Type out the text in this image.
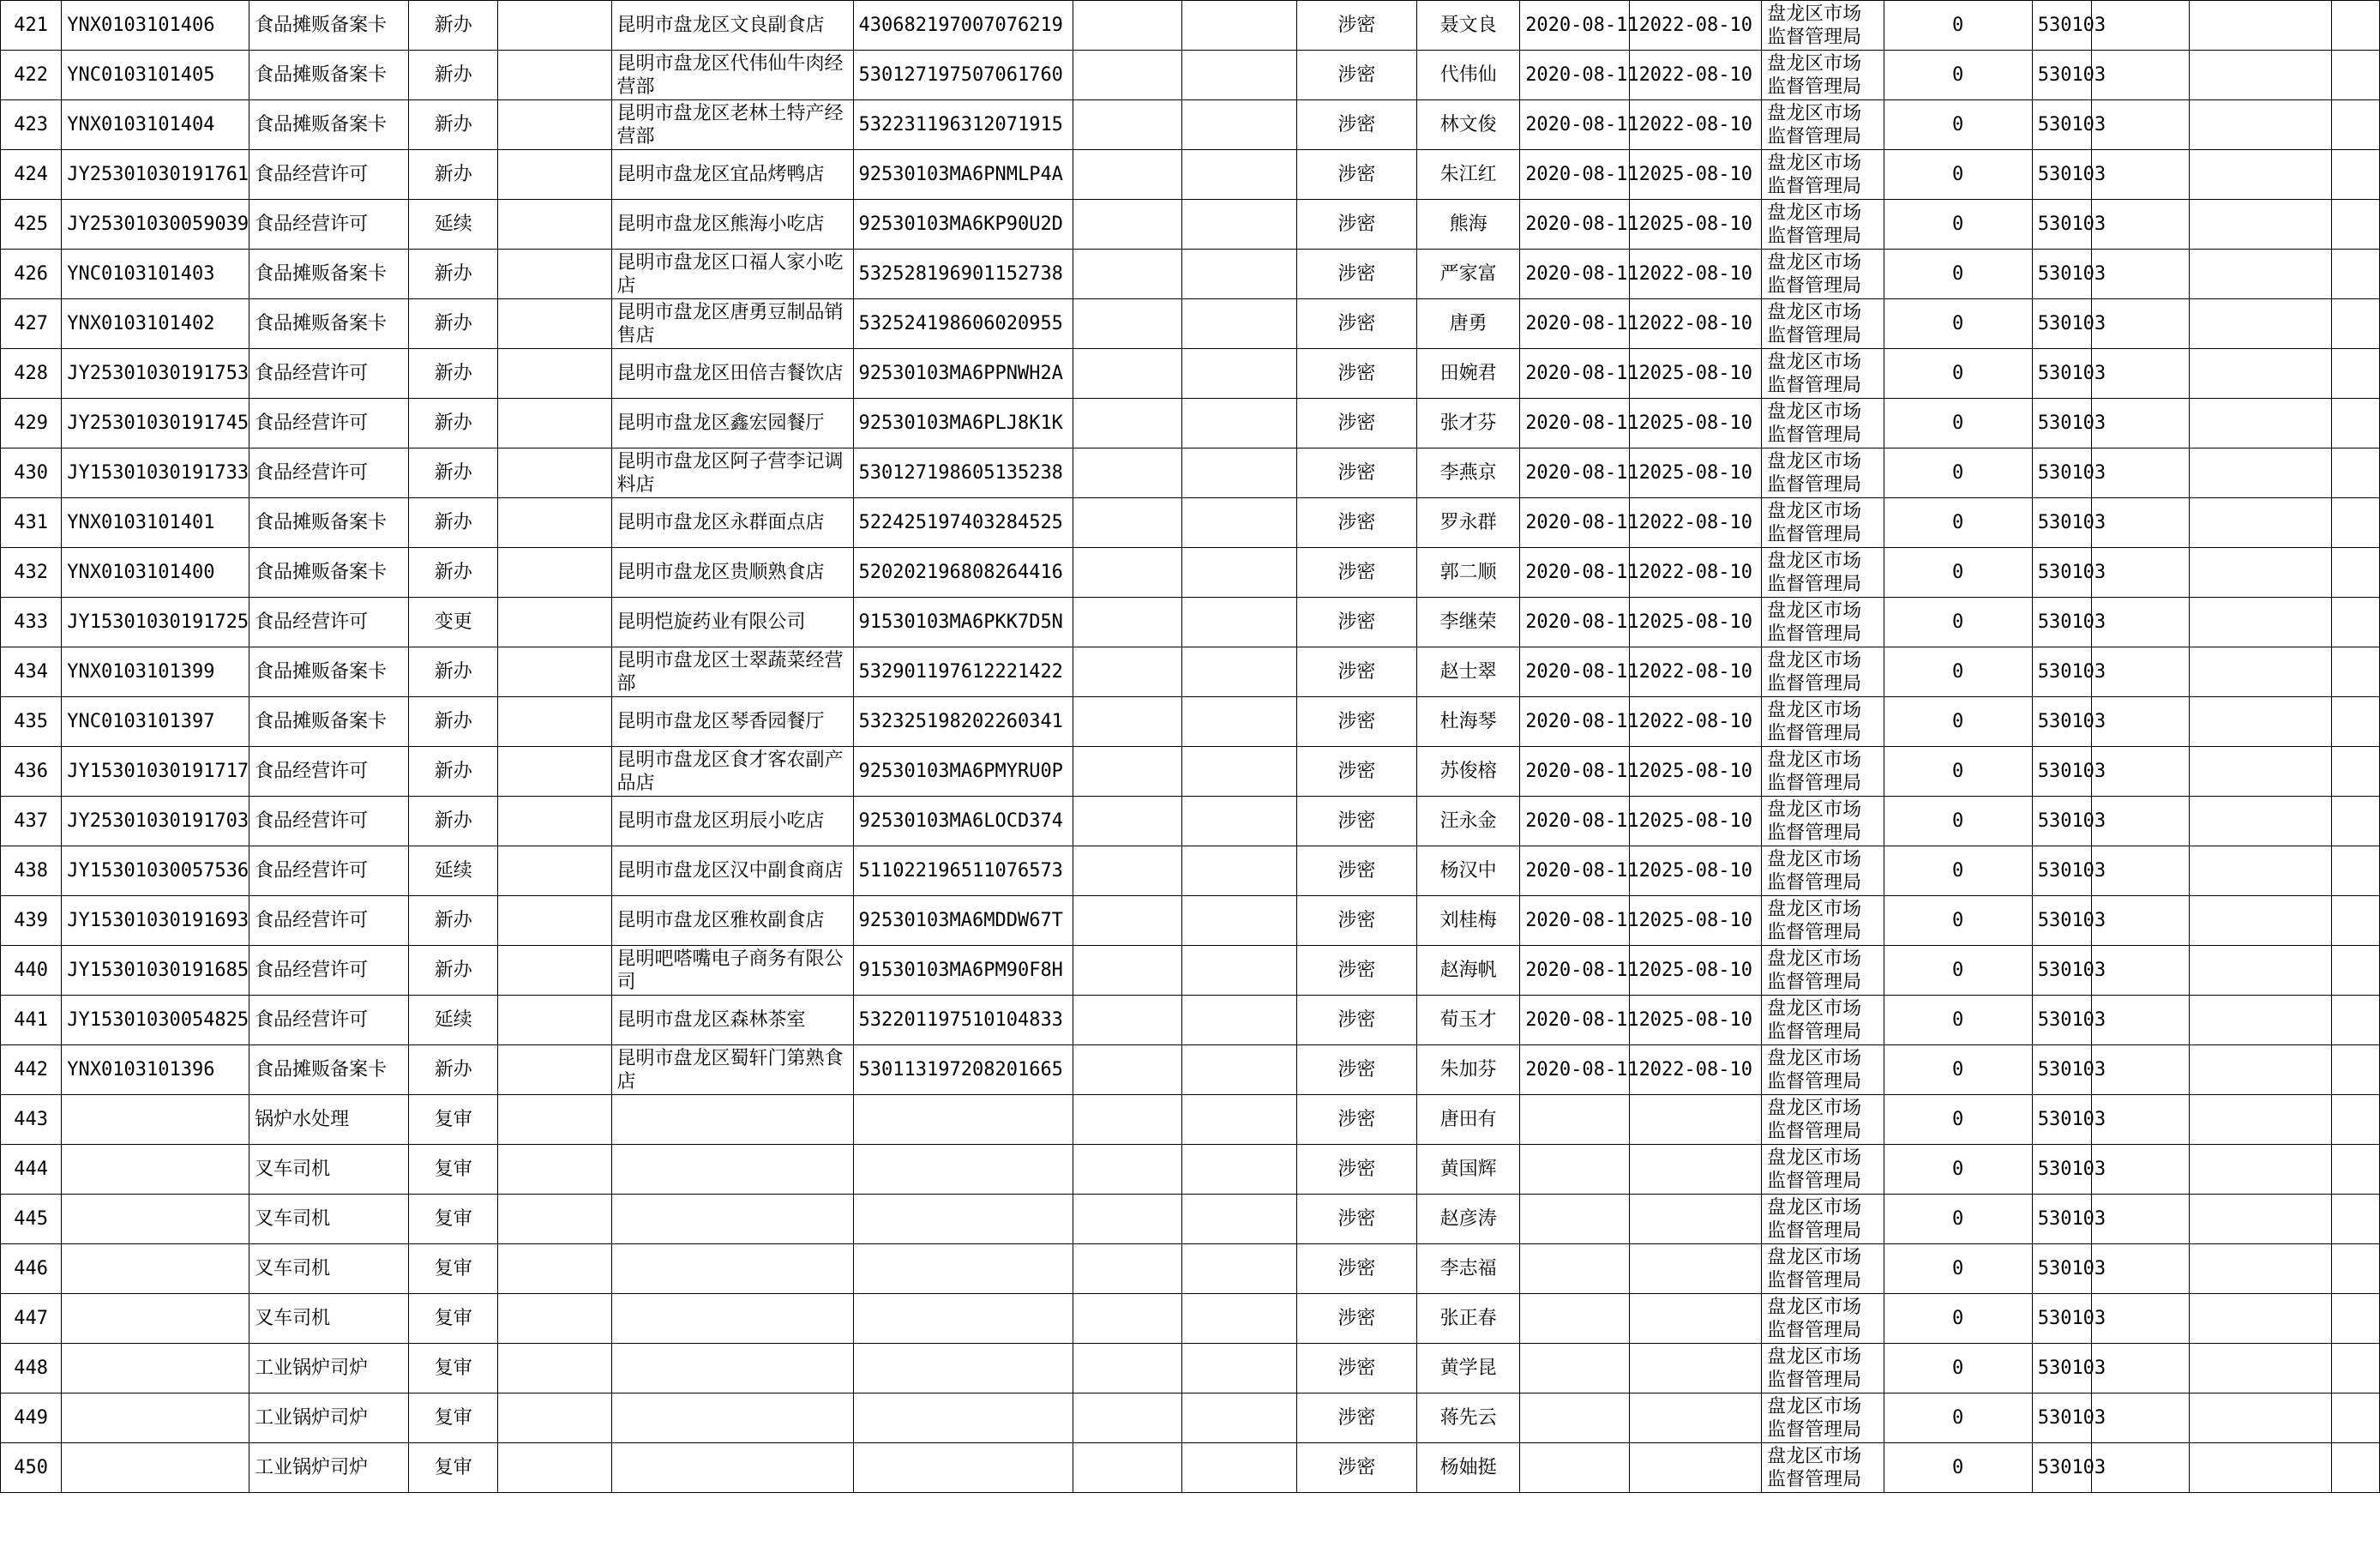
421	YNX0103101406	食品摊贩备案卡	新办		昆明市盘龙区文良副食店	430682197007076219			涉密	聂文良	2020-08-11	2022-08-10	盘龙区市场监督管理局	0	530103			
422	YNC0103101405	食品摊贩备案卡	新办		昆明市盘龙区代伟仙牛肉经营部	530127197507061760			涉密	代伟仙	2020-08-11	2022-08-10	盘龙区市场监督管理局	0	530103			
423	YNX0103101404	食品摊贩备案卡	新办		昆明市盘龙区老林土特产经营部	532231196312071915			涉密	林文俊	2020-08-11	2022-08-10	盘龙区市场监督管理局	0	530103			
424	JY25301030191761	食品经营许可	新办		昆明市盘龙区宜品烤鸭店	92530103MA6PNMLP4A			涉密	朱江红	2020-08-11	2025-08-10	盘龙区市场监督管理局	0	530103			
425	JY25301030059039	食品经营许可	延续		昆明市盘龙区熊海小吃店	92530103MA6KP90U2D			涉密	熊海	2020-08-11	2025-08-10	盘龙区市场监督管理局	0	530103			
426	YNC0103101403	食品摊贩备案卡	新办		昆明市盘龙区口福人家小吃店	532528196901152738			涉密	严家富	2020-08-11	2022-08-10	盘龙区市场监督管理局	0	530103			
427	YNX0103101402	食品摊贩备案卡	新办		昆明市盘龙区唐勇豆制品销售店	532524198606020955			涉密	唐勇	2020-08-11	2022-08-10	盘龙区市场监督管理局	0	530103			
428	JY25301030191753	食品经营许可	新办		昆明市盘龙区田倍吉餐饮店	92530103MA6PPNWH2A			涉密	田婉君	2020-08-11	2025-08-10	盘龙区市场监督管理局	0	530103			
429	JY25301030191745	食品经营许可	新办		昆明市盘龙区鑫宏园餐厅	92530103MA6PLJ8K1K			涉密	张才芬	2020-08-11	2025-08-10	盘龙区市场监督管理局	0	530103			
430	JY15301030191733	食品经营许可	新办		昆明市盘龙区阿子营李记调料店	530127198605135238			涉密	李燕京	2020-08-11	2025-08-10	盘龙区市场监督管理局	0	530103			
431	YNX0103101401	食品摊贩备案卡	新办		昆明市盘龙区永群面点店	522425197403284525			涉密	罗永群	2020-08-11	2022-08-10	盘龙区市场监督管理局	0	530103			
432	YNX0103101400	食品摊贩备案卡	新办		昆明市盘龙区贵顺熟食店	520202196808264416			涉密	郭二顺	2020-08-11	2022-08-10	盘龙区市场监督管理局	0	530103			
433	JY15301030191725	食品经营许可	变更		昆明恺旋药业有限公司	91530103MA6PKK7D5N			涉密	李继荣	2020-08-11	2025-08-10	盘龙区市场监督管理局	0	530103			
434	YNX0103101399	食品摊贩备案卡	新办		昆明市盘龙区士翠蔬菜经营部	532901197612221422			涉密	赵士翠	2020-08-11	2022-08-10	盘龙区市场监督管理局	0	530103			
435	YNC0103101397	食品摊贩备案卡	新办		昆明市盘龙区琴香园餐厅	532325198202260341			涉密	杜海琴	2020-08-11	2022-08-10	盘龙区市场监督管理局	0	530103			
436	JY15301030191717	食品经营许可	新办		昆明市盘龙区食才客农副产品店	92530103MA6PMYRU0P			涉密	苏俊榕	2020-08-11	2025-08-10	盘龙区市场监督管理局	0	530103			
437	JY25301030191703	食品经营许可	新办		昆明市盘龙区玥辰小吃店	92530103MA6LOCD374			涉密	汪永金	2020-08-11	2025-08-10	盘龙区市场监督管理局	0	530103			
438	JY15301030057536	食品经营许可	延续		昆明市盘龙区汉中副食商店	511022196511076573			涉密	杨汉中	2020-08-11	2025-08-10	盘龙区市场监督管理局	0	530103			
439	JY15301030191693	食品经营许可	新办		昆明市盘龙区雅枚副食店	92530103MA6MDDW67T			涉密	刘桂梅	2020-08-11	2025-08-10	盘龙区市场监督管理局	0	530103			
440	JY15301030191685	食品经营许可	新办		昆明吧嗒嘴电子商务有限公司	91530103MA6PM90F8H			涉密	赵海帆	2020-08-11	2025-08-10	盘龙区市场监督管理局	0	530103			
441	JY15301030054825	食品经营许可	延续		昆明市盘龙区森林茶室	532201197510104833			涉密	荀玉才	2020-08-11	2025-08-10	盘龙区市场监督管理局	0	530103			
442	YNX0103101396	食品摊贩备案卡	新办		昆明市盘龙区蜀轩门第熟食店	530113197208201665			涉密	朱加芬	2020-08-11	2022-08-10	盘龙区市场监督管理局	0	530103			
443		锅炉水处理	复审						涉密	唐田有			盘龙区市场监督管理局	0	530103			
444		叉车司机	复审						涉密	黄国辉			盘龙区市场监督管理局	0	530103			
445		叉车司机	复审						涉密	赵彦涛			盘龙区市场监督管理局	0	530103			
446		叉车司机	复审						涉密	李志福			盘龙区市场监督管理局	0	530103			
447		叉车司机	复审						涉密	张正春			盘龙区市场监督管理局	0	530103			
448		工业锅炉司炉	复审						涉密	黄学昆			盘龙区市场监督管理局	0	530103			
449		工业锅炉司炉	复审						涉密	蒋先云			盘龙区市场监督管理局	0	530103			
450		工业锅炉司炉	复审						涉密	杨妯挺			盘龙区市场监督管理局	0	530103			
